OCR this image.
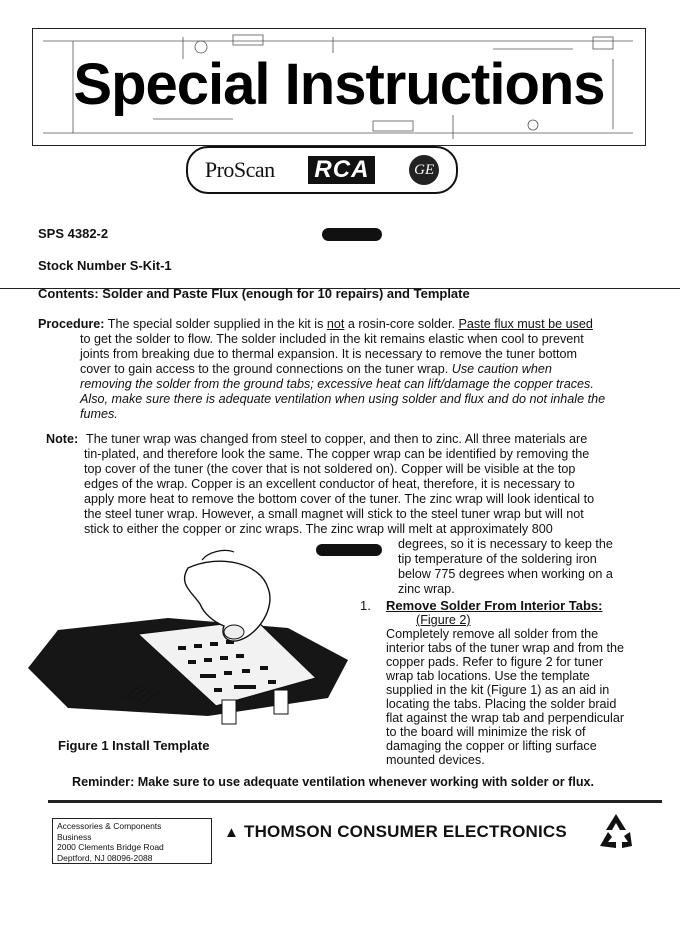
Special Instructions
ProScan RCA	GE
SPS 4382-2
Stock Number S-Kit-1
Contents: Solder and Paste Flux (enough for 10 repairs) and Template
Procedure: The special solder supplied in the kit is not a rosin-core solder. Paste flux must be used
to get the solder to flow. The solder included in the kit remains elastic when cool to prevent
joints from breaking due to thermal expansion. It is necessary to remove the tuner bottom
cover to gain access to the ground connections on the tuner wrap. Use caution when
removing the solder from the ground tabs; excessive heat can lift/damage the copper traces.
Also, make sure there is adequate ventilation when using solder and flux and do not inhale the
fumes.
Note: The tuner wrap was changed from steel to copper, and then to zinc. All three materials are
tin-plated, and therefore look the same. The copper wrap can be identified by removing the
top cover of the tuner (the cover that is not soldered on). Copper will be visible at the top
edges of the wrap. Copper is an excellent conductor of heat, therefore, it is necessary to
apply more heat to remove the bottom cover of the tuner. The zinc wrap will look identical to
the steel tuner wrap. However, a small magnet will stick to the steel tuner wrap but will not
stick to either the copper or zinc wraps. The zinc wrap will melt at approximately 800
degrees, so it is necessary to keep the
tip temperature of the soldering iron
below 775 degrees when working on a
zinc wrap.
Figure 1 Install Template
1. Remove Solder From Interior Tabs:
(Figure 2)
Completely remove all solder from the
interior tabs of the tuner wrap and from the
copper pads. Refer to figure 2 for tuner
wrap tab locations. Use the template
supplied in the kit (Figure 1) as an aid in
locating the tabs. Placing the solder braid
flat against the wrap tab and perpendicular
to the board will minimize the risk of
damaging the copper or lifting surface
mounted devices.
Reminder: Make sure to use adequate ventilation whenever working with solder or flux.
Accessories & Components
Business
2000 Clements Bridge Road
Deptford, NJ 08096-2088
▲ THOMSON CONSUMER ELECTRONICS
